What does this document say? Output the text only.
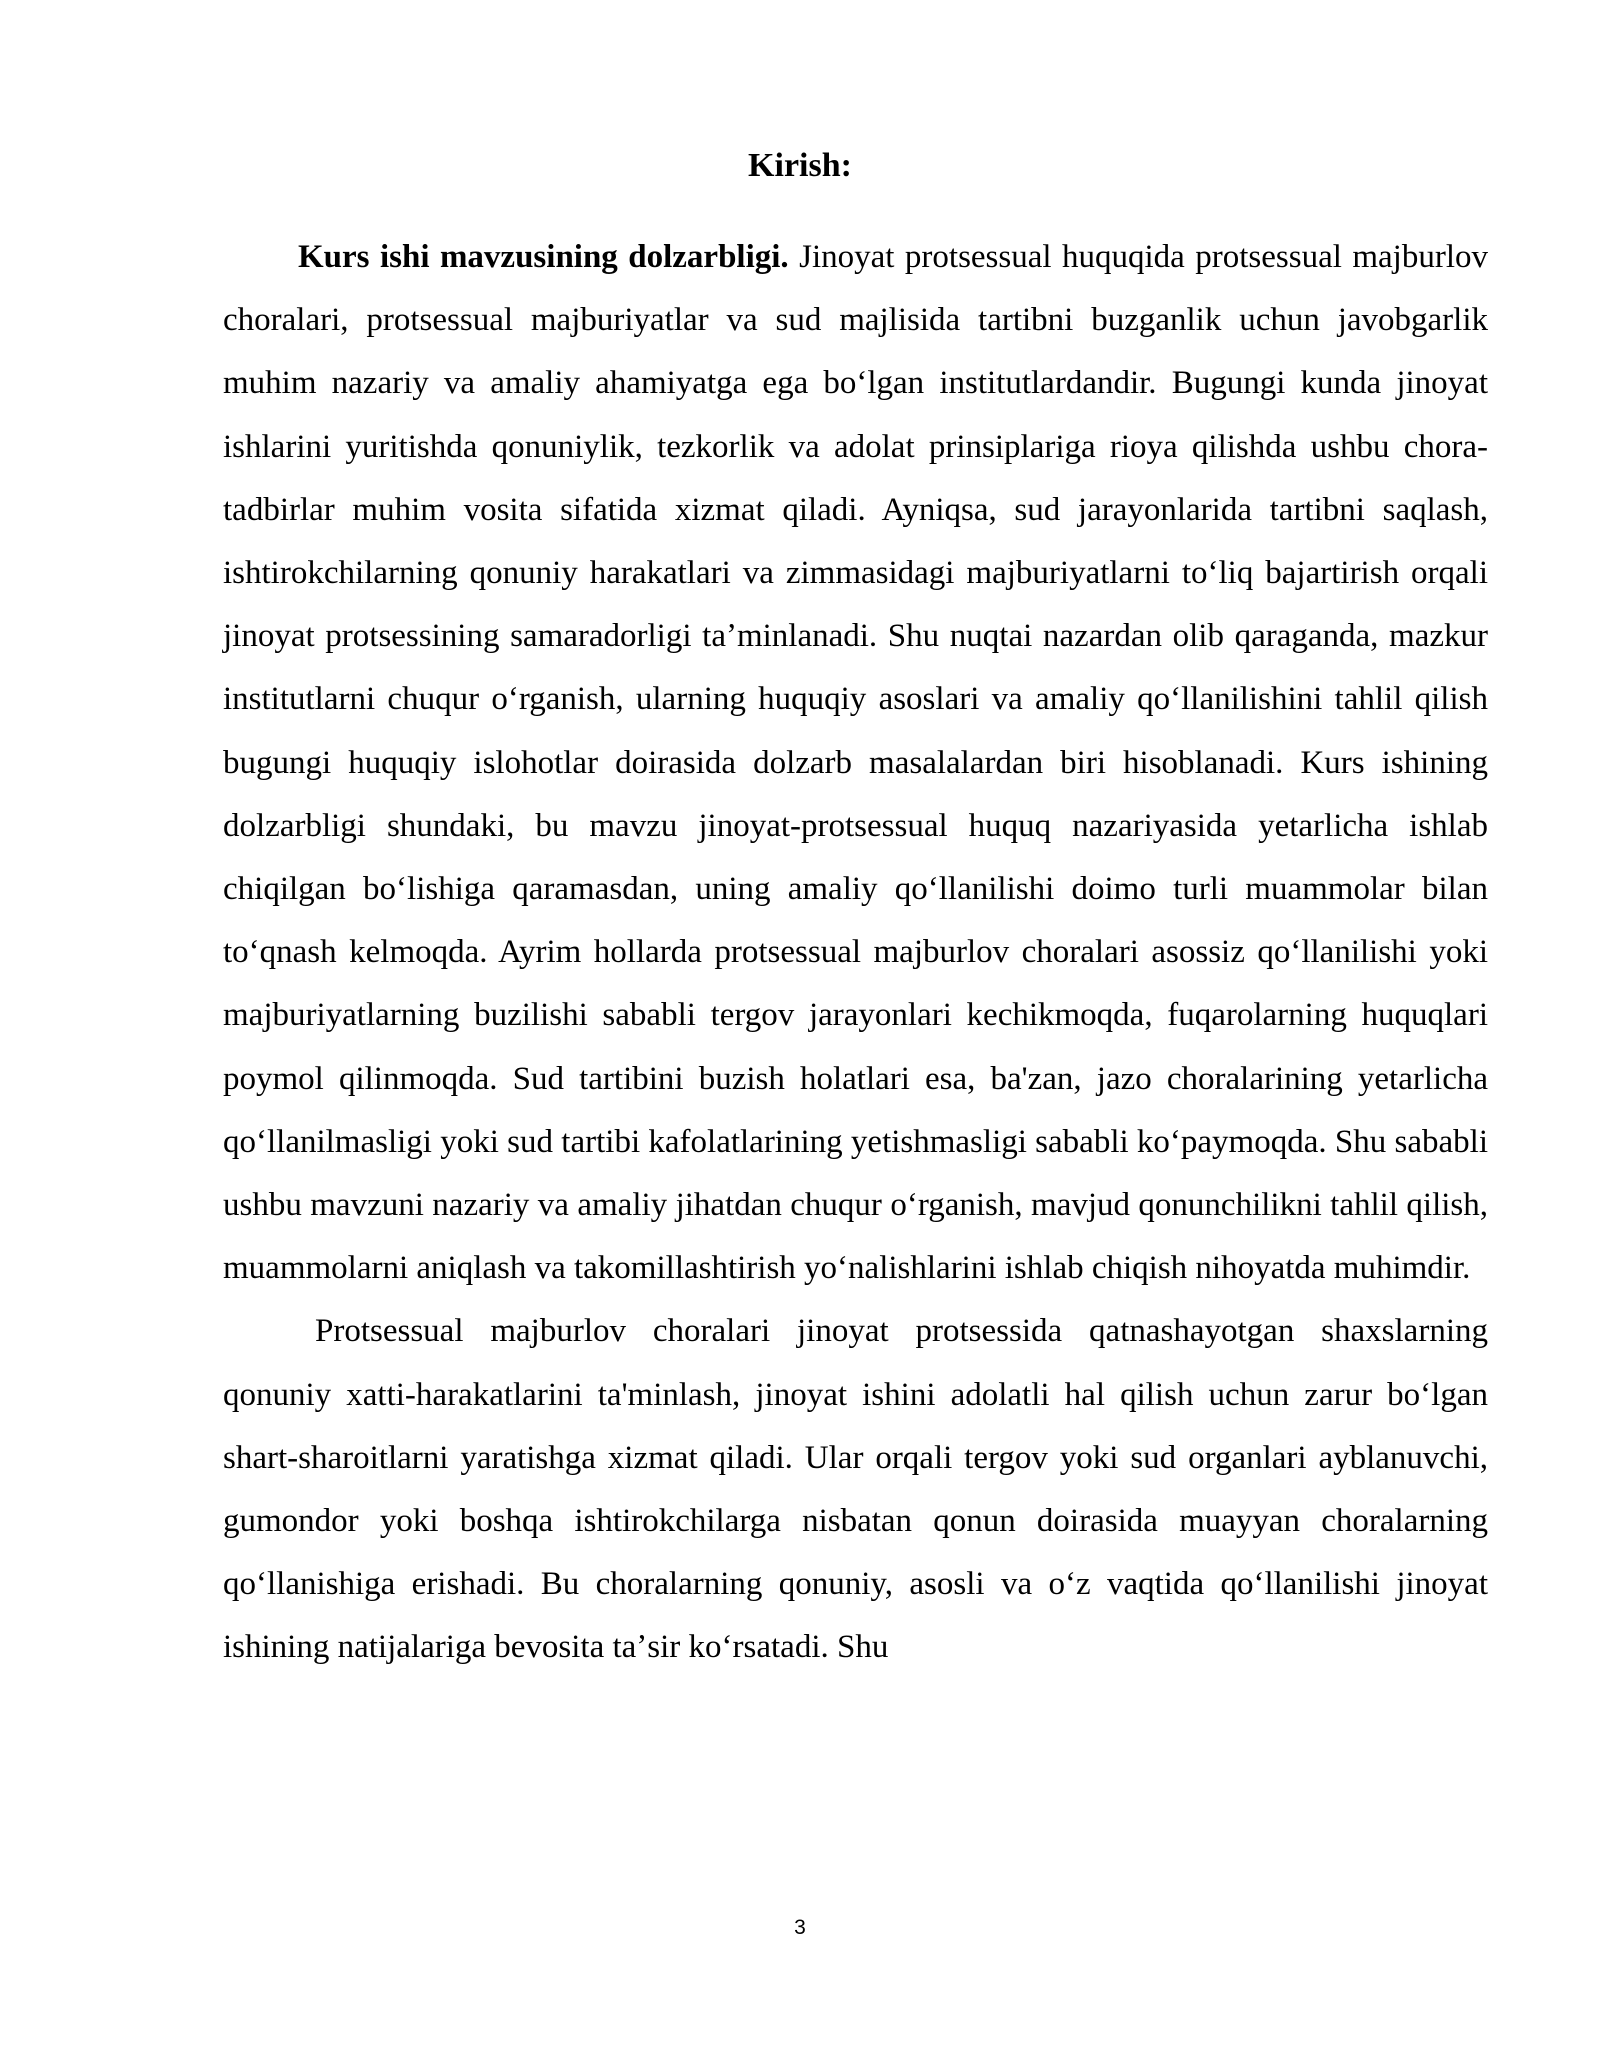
Kirish:

Kurs ishi mavzusining dolzarbligi. Jinoyat protsessual huquqida protsessual majburlov choralari, protsessual majburiyatlar va sud majlisida tartibni buzganlik uchun javobgarlik muhim nazariy va amaliy ahamiyatga ega boʻlgan institutlardandir. Bugungi kunda jinoyat ishlarini yuritishda qonuniylik, tezkorlik va adolat prinsiplariga rioya qilishda ushbu chora-tadbirlar muhim vosita sifatida xizmat qiladi. Ayniqsa, sud jarayonlarida tartibni saqlash, ishtirokchilarning qonuniy harakatlari va zimmasidagi majburiyatlarni toʻliq bajartirish orqali jinoyat protsessining samaradorligi taʼminlanadi. Shu nuqtai nazardan olib qaraganda, mazkur institutlarni chuqur oʻrganish, ularning huquqiy asoslari va amaliy qoʻllanilishini tahlil qilish bugungi huquqiy islohotlar doirasida dolzarb masalalardan biri hisoblanadi. Kurs ishining dolzarbligi shundaki, bu mavzu jinoyat-protsessual huquq nazariyasida yetarlicha ishlab chiqilgan boʻlishiga qaramasdan, uning amaliy qoʻllanilishi doimo turli muammolar bilan toʻqnash kelmoqda. Ayrim hollarda protsessual majburlov choralari asossiz qoʻllanilishi yoki majburiyatlarning buzilishi sababli tergov jarayonlari kechikmoqda, fuqarolarning huquqlari poymol qilinmoqda. Sud tartibini buzish holatlari esa, ba'zan, jazo choralarining yetarlicha qoʻllanilmasligi yoki sud tartibi kafolatlarining yetishmasligi sababli koʻpaymoqda. Shu sababli ushbu mavzuni nazariy va amaliy jihatdan chuqur oʻrganish, mavjud qonunchilikni tahlil qilish, muammolarni aniqlash va takomillashtirish yoʻnalishlarini ishlab chiqish nihoyatda muhimdir.

Protsessual majburlov choralari jinoyat protsessida qatnashayotgan shaxslarning qonuniy xatti-harakatlarini ta'minlash, jinoyat ishini adolatli hal qilish uchun zarur boʻlgan shart-sharoitlarni yaratishga xizmat qiladi. Ular orqali tergov yoki sud organlari ayblanuvchi, gumondor yoki boshqa ishtirokchilarga nisbatan qonun doirasida muayyan choralarning qoʻllanishiga erishadi. Bu choralarning qonuniy, asosli va oʻz vaqtida qoʻllanilishi jinoyat ishining natijalariga bevosita taʼsir koʻrsatadi. Shu

3
